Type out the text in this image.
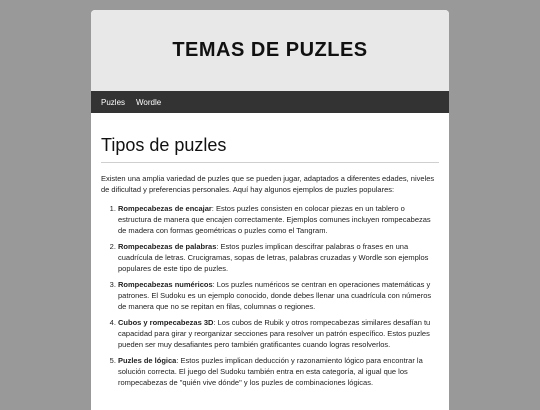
TEMAS DE PUZLES
Puzles Wordle
Tipos de puzles

Existen una amplia variedad de puzles que se pueden jugar, adaptados a diferentes edades, niveles de dificultad y preferencias personales. Aquí hay algunos ejemplos de puzles populares:

1. Rompecabezas de encajar: Estos puzles consisten en colocar piezas en un tablero o estructura de manera que encajen correctamente. Ejemplos comunes incluyen rompecabezas de madera con formas geométricas o puzles como el Tangram.
2. Rompecabezas de palabras: Estos puzles implican descifrar palabras o frases en una cuadrícula de letras. Crucigramas, sopas de letras, palabras cruzadas y Wordle son ejemplos populares de este tipo de puzles.
3. Rompecabezas numéricos: Los puzles numéricos se centran en operaciones matemáticas y patrones. El Sudoku es un ejemplo conocido, donde debes llenar una cuadrícula con números de manera que no se repitan en filas, columnas o regiones.
4. Cubos y rompecabezas 3D: Los cubos de Rubik y otros rompecabezas similares desafían tu capacidad para girar y reorganizar secciones para resolver un patrón específico. Estos puzles pueden ser muy desafiantes pero también gratificantes cuando logras resolverlos.
5. Puzles de lógica: Estos puzles implican deducción y razonamiento lógico para encontrar la solución correcta. El juego del Sudoku también entra en esta categoría, al igual que los rompecabezas de "quién vive dónde" y los puzles de combinaciones lógicas.
